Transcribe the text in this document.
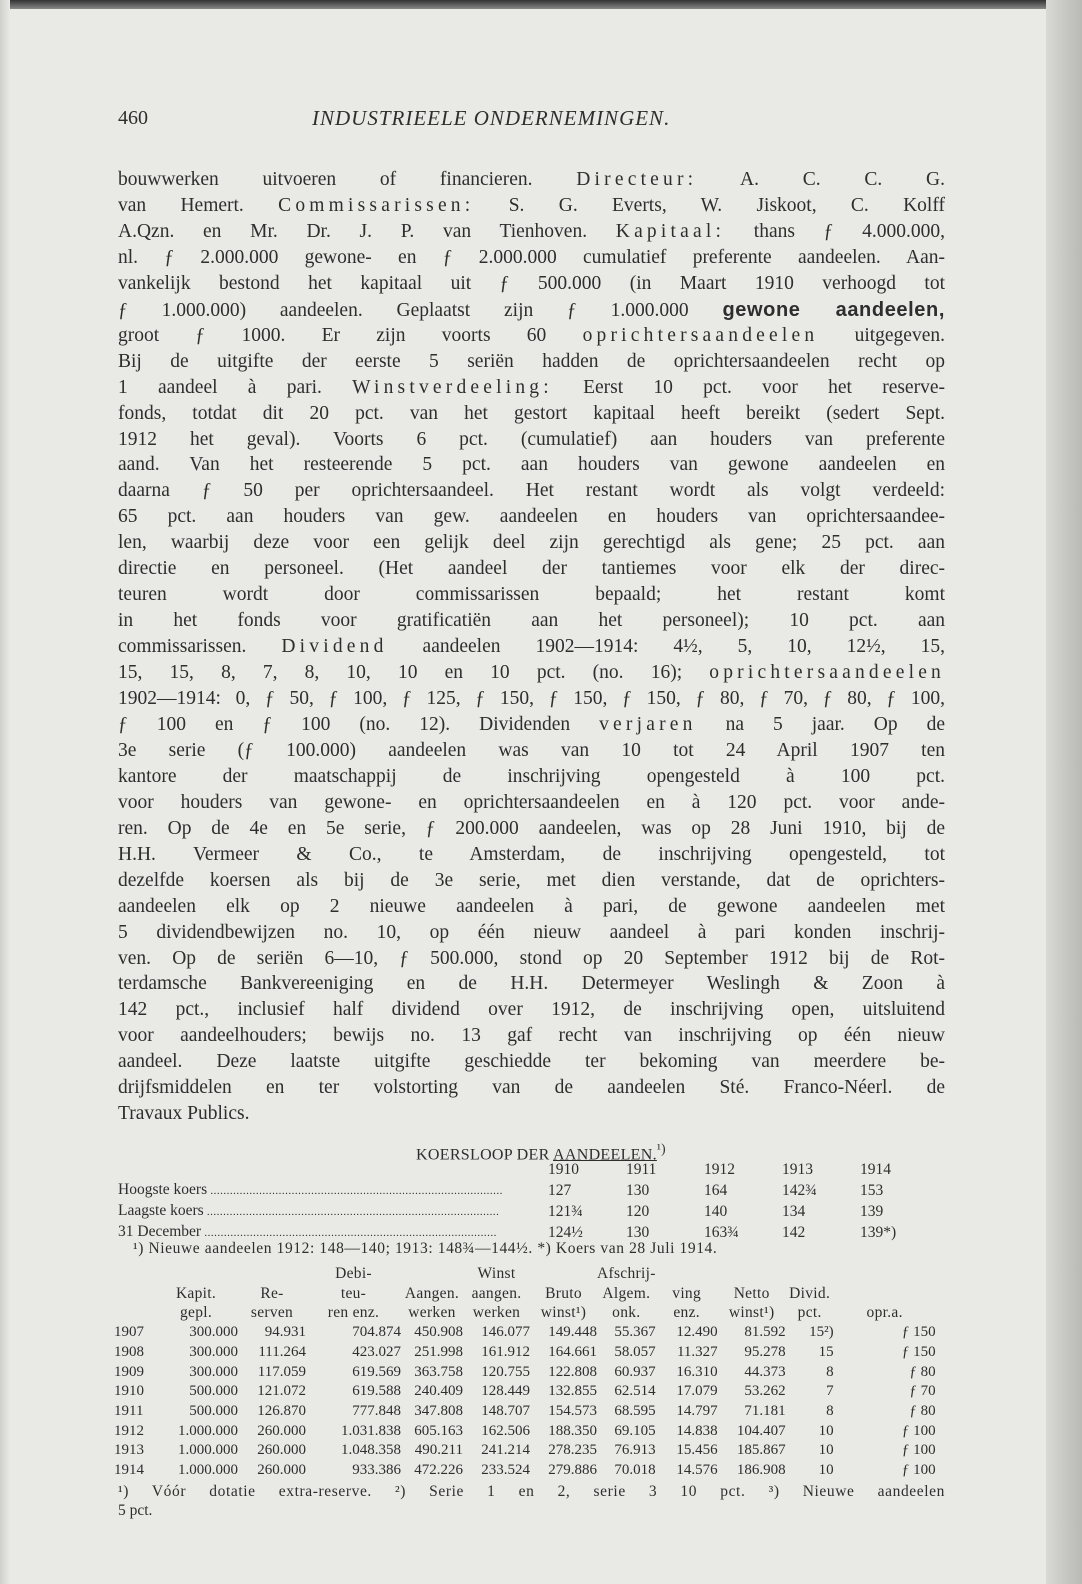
460	INDUSTRIEELE ONDERNEMINGEN.
bouwwerken uitvoeren of financieren. Directeur: A. C. C. G.
van Hemert. Commissarissen: S. G. Everts, W. Jiskoot, C. Kolff
A.Qzn. en Mr. Dr. J. P. van Tienhoven. Kapitaal: thans ƒ 4.000.000,
nl. ƒ 2.000.000 gewone- en ƒ 2.000.000 cumulatief preferente aandeelen. Aan-
vankelijk bestond het kapitaal uit ƒ 500.000 (in Maart 1910 verhoogd tot
ƒ 1.000.000) aandeelen. Geplaatst zijn ƒ 1.000.000 gewone aandeelen,
groot ƒ 1000. Er zijn voorts 60 oprichtersaandeelen uitgegeven.
Bij de uitgifte der eerste 5 seriën hadden de oprichtersaandeelen recht op
1 aandeel à pari. Winstverdeeling: Eerst 10 pct. voor het reserve-
fonds, totdat dit 20 pct. van het gestort kapitaal heeft bereikt (sedert Sept.
1912 het geval). Voorts 6 pct. (cumulatief) aan houders van preferente
aand. Van het resteerende 5 pct. aan houders van gewone aandeelen en
daarna ƒ 50 per oprichtersaandeel. Het restant wordt als volgt verdeeld:
65 pct. aan houders van gew. aandeelen en houders van oprichtersaandee-
len, waarbij deze voor een gelijk deel zijn gerechtigd als gene; 25 pct. aan
directie en personeel. (Het aandeel der tantiemes voor elk der direc-
teuren wordt door commissarissen bepaald; het restant komt
in het fonds voor gratificatiën aan het personeel); 10 pct. aan
commissarissen. Dividend aandeelen 1902—1914: 4½, 5, 10, 12½, 15,
15, 15, 8, 7, 8, 10, 10 en 10 pct. (no. 16); oprichtersaandeelen
1902—1914: 0, ƒ 50, ƒ 100, ƒ 125, ƒ 150, ƒ 150, ƒ 150, ƒ 80, ƒ 70, ƒ 80, ƒ 100,
ƒ 100 en ƒ 100 (no. 12). Dividenden verjaren na 5 jaar. Op de
3e serie (ƒ 100.000) aandeelen was van 10 tot 24 April 1907 ten
kantore der maatschappij de inschrijving opengesteld à 100 pct.
voor houders van gewone- en oprichtersaandeelen en à 120 pct. voor ande-
ren. Op de 4e en 5e serie, ƒ 200.000 aandeelen, was op 28 Juni 1910, bij de
H.H. Vermeer & Co., te Amsterdam, de inschrijving opengesteld, tot
dezelfde koersen als bij de 3e serie, met dien verstande, dat de oprichters-
aandeelen elk op 2 nieuwe aandeelen à pari, de gewone aandeelen met
5 dividendbewijzen no. 10, op één nieuw aandeel à pari konden inschrij-
ven. Op de seriën 6—10, ƒ 500.000, stond op 20 September 1912 bij de Rot-
terdamsche Bankvereeniging en de H.H. Determeyer Weslingh & Zoon à
142 pct., inclusief half dividend over 1912, de inschrijving open, uitsluitend
voor aandeelhouders; bewijs no. 13 gaf recht van inschrijving op één nieuw
aandeel. Deze laatste uitgifte geschiedde ter bekoming van meerdere be-
drijfsmiddelen en ter volstorting van de aandeelen Sté. Franco-Néerl. de
Travaux Publics.
KOERSLOOP DER AANDEELEN.$^{^1)}$
	1910	1911	1912	1913	1914
Hoogste koers ..........................................................................................	127	130	164	142¾	153
Laagste koers ..........................................................................................	121¾	120	140	134	139
31 December ..........................................................................................	124½	130	163¾	142	139*)
¹) Nieuwe aandeelen 1912: 148—140; 1913: 148¾—144½. *) Koers van 28 Juli 1914.
			Debi-		Winst		Afschrij-				
	Kapit.	Re-	teu-	Aangen.	aangen.	Bruto	Algem.	ving	Netto	Divid.	
	gepl.	serven	ren enz.	werken	werken	winst¹)	onk.	enz.	winst¹)	pct.	opr.a.
1907	300.000	94.931	704.874	450.908	146.077	149.448	55.367	12.490	81.592	15²)	ƒ 150
1908	300.000	111.264	423.027	251.998	161.912	164.661	58.057	11.327	95.278	15	ƒ 150
1909	300.000	117.059	619.569	363.758	120.755	122.808	60.937	16.310	44.373	8	ƒ 80
1910	500.000	121.072	619.588	240.409	128.449	132.855	62.514	17.079	53.262	7	ƒ 70
1911	500.000	126.870	777.848	347.808	148.707	154.573	68.595	14.797	71.181	8	ƒ 80
1912	1.000.000	260.000	1.031.838	605.163	162.506	188.350	69.105	14.838	104.407	10	ƒ 100
1913	1.000.000	260.000	1.048.358	490.211	241.214	278.235	76.913	15.456	185.867	10	ƒ 100
1914	1.000.000	260.000	933.386	472.226	233.524	279.886	70.018	14.576	186.908	10	ƒ 100
¹) Vóór dotatie extra-reserve. ²) Serie 1 en 2, serie 3 10 pct. ³) Nieuwe aandeelen
5 pct.
